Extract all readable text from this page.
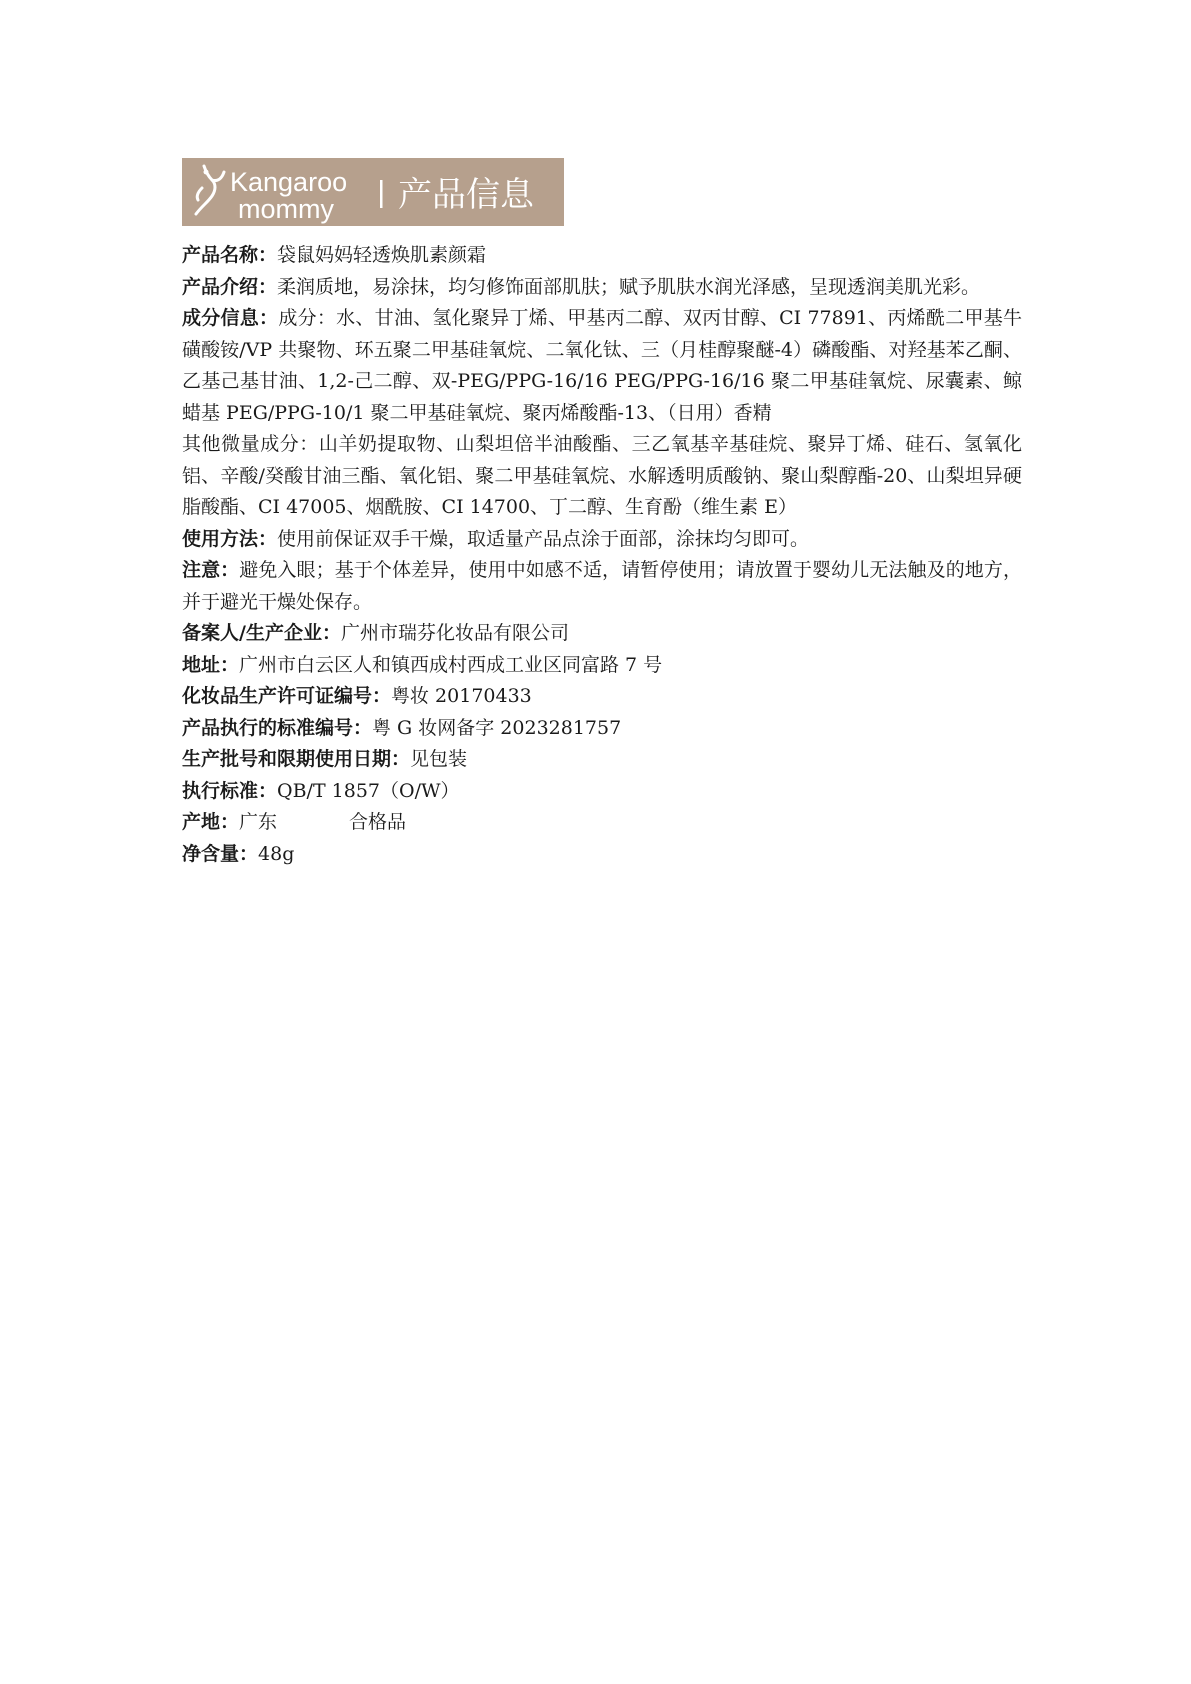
Kangaroo
mommy 产品信息

产品名称：袋鼠妈妈轻透焕肌素颜霜

产品介绍：柔润质地，易涂抹，均匀修饰面部肌肤；赋予肌肤水润光泽感，呈现透润美肌光彩。

成分信息：成分：水、甘油、氢化聚异丁烯、甲基丙二醇、双丙甘醇、CI 77891、丙烯酰二甲基牛磺酸铵/VP 共聚物、环五聚二甲基硅氧烷、二氧化钛、三（月桂醇聚醚-4）磷酸酯、对羟基苯乙酮、乙基己基甘油、1,2-己二醇、双-PEG/PPG-16/16 PEG/PPG-16/16 聚二甲基硅氧烷、尿囊素、鲸蜡基 PEG/PPG-10/1 聚二甲基硅氧烷、聚丙烯酸酯-13、（日用）香精

其他微量成分：山羊奶提取物、山梨坦倍半油酸酯、三乙氧基辛基硅烷、聚异丁烯、硅石、氢氧化铝、辛酸/癸酸甘油三酯、氧化铝、聚二甲基硅氧烷、水解透明质酸钠、聚山梨醇酯-20、山梨坦异硬脂酸酯、CI 47005、烟酰胺、CI 14700、丁二醇、生育酚（维生素 E）

使用方法：使用前保证双手干燥，取适量产品点涂于面部，涂抹均匀即可。

注意：避免入眼；基于个体差异，使用中如感不适，请暂停使用；请放置于婴幼儿无法触及的地方，并于避光干燥处保存。

备案人/生产企业：广州市瑞芬化妆品有限公司

地址：广州市白云区人和镇西成村西成工业区同富路 7 号

化妆品生产许可证编号：粤妆 20170433

产品执行的标准编号：粤 G 妆网备字 2023281757

生产批号和限期使用日期：见包装

执行标准：QB/T 1857（O/W）

产地：广东	合格品

净含量：48g
